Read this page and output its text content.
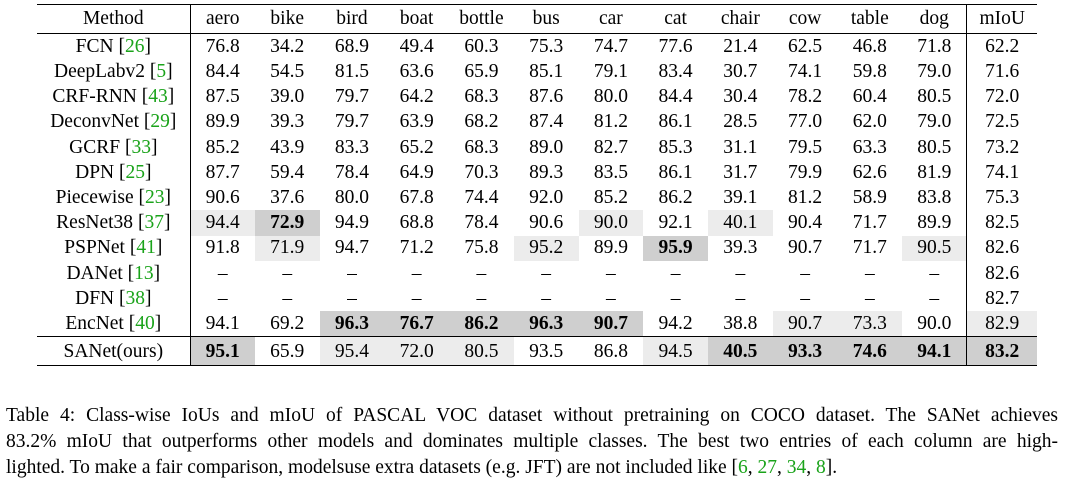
Method	aero	bike	bird	boat	bottle	bus	car	cat	chair	cow	table	dog	mIoU
FCN [26]	76.8	34.2	68.9	49.4	60.3	75.3	74.7	77.6	21.4	62.5	46.8	71.8	62.2
DeepLabv2 [5]	84.4	54.5	81.5	63.6	65.9	85.1	79.1	83.4	30.7	74.1	59.8	79.0	71.6
CRF-RNN [43]	87.5	39.0	79.7	64.2	68.3	87.6	80.0	84.4	30.4	78.2	60.4	80.5	72.0
DeconvNet [29]	89.9	39.3	79.7	63.9	68.2	87.4	81.2	86.1	28.5	77.0	62.0	79.0	72.5
GCRF [33]	85.2	43.9	83.3	65.2	68.3	89.0	82.7	85.3	31.1	79.5	63.3	80.5	73.2
DPN [25]	87.7	59.4	78.4	64.9	70.3	89.3	83.5	86.1	31.7	79.9	62.6	81.9	74.1
Piecewise [23]	90.6	37.6	80.0	67.8	74.4	92.0	85.2	86.2	39.1	81.2	58.9	83.8	75.3
ResNet38 [37]	94.4	72.9	94.9	68.8	78.4	90.6	90.0	92.1	40.1	90.4	71.7	89.9	82.5
PSPNet [41]	91.8	71.9	94.7	71.2	75.8	95.2	89.9	95.9	39.3	90.7	71.7	90.5	82.6
DANet [13]	–	–	–	–	–	–	–	–	–	–	–	–	82.6
DFN [38]	–	–	–	–	–	–	–	–	–	–	–	–	82.7
EncNet [40]	94.1	69.2	96.3	76.7	86.2	96.3	90.7	94.2	38.8	90.7	73.3	90.0	82.9
SANet(ours)	95.1	65.9	95.4	72.0	80.5	93.5	86.8	94.5	40.5	93.3	74.6	94.1	83.2
Table 4: Class-wise IoUs and mIoU of PASCAL VOC dataset without pretraining on COCO dataset. The SANet achieves
83.2% mIoU that outperforms other models and dominates multiple classes. The best two entries of each column are high-
lighted. To make a fair comparison, modelsuse extra datasets (e.g. JFT) are not included like [6, 27, 34, 8].
